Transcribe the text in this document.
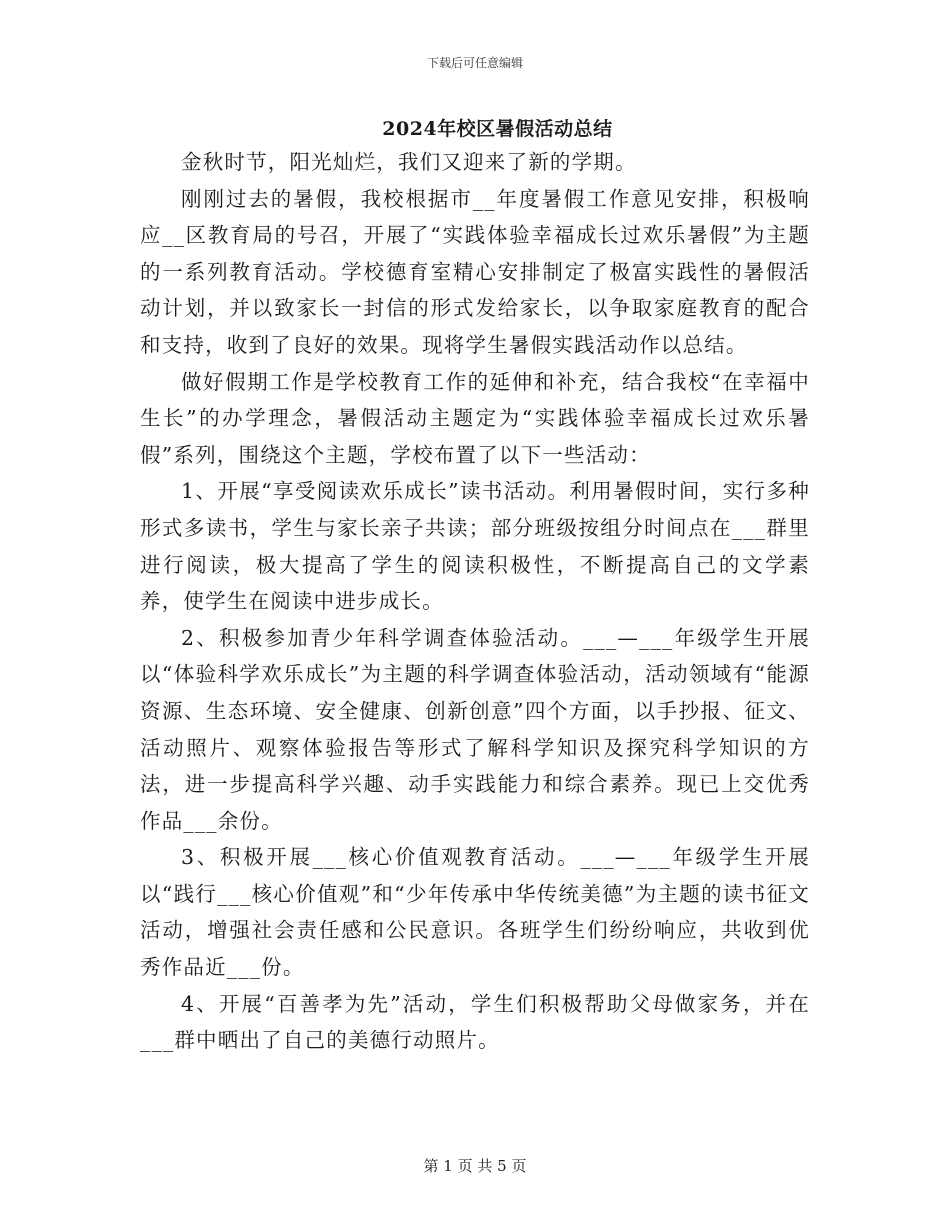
下载后可任意编辑
2024年校区暑假活动总结

金秋时节，阳光灿烂，我们又迎来了新的学期。

刚刚过去的暑假，我校根据市__年度暑假工作意见安排，积极响应__区教育局的号召，开展了“实践体验幸福成长过欢乐暑假”为主题的一系列教育活动。学校德育室精心安排制定了极富实践性的暑假活动计划，并以致家长一封信的形式发给家长，以争取家庭教育的配合和支持，收到了良好的效果。现将学生暑假实践活动作以总结。

做好假期工作是学校教育工作的延伸和补充，结合我校“在幸福中生长”的办学理念，暑假活动主题定为“实践体验幸福成长过欢乐暑假”系列，围绕这个主题，学校布置了以下一些活动：

1、开展“享受阅读欢乐成长”读书活动。利用暑假时间，实行多种形式多读书，学生与家长亲子共读；部分班级按组分时间点在___群里进行阅读，极大提高了学生的阅读积极性，不断提高自己的文学素养，使学生在阅读中进步成长。

2、积极参加青少年科学调查体验活动。___—___年级学生开展以“体验科学欢乐成长”为主题的科学调查体验活动，活动领域有“能源资源、生态环境、安全健康、创新创意”四个方面，以手抄报、征文、活动照片、观察体验报告等形式了解科学知识及探究科学知识的方法，进一步提高科学兴趣、动手实践能力和综合素养。现已上交优秀作品___余份。

3、积极开展___核心价值观教育活动。___—___年级学生开展以“践行___核心价值观”和“少年传承中华传统美德”为主题的读书征文活动，增强社会责任感和公民意识。各班学生们纷纷响应，共收到优秀作品近___份。

4、开展“百善孝为先”活动，学生们积极帮助父母做家务，并在___群中晒出了自己的美德行动照片。

第 1 页 共 5 页
